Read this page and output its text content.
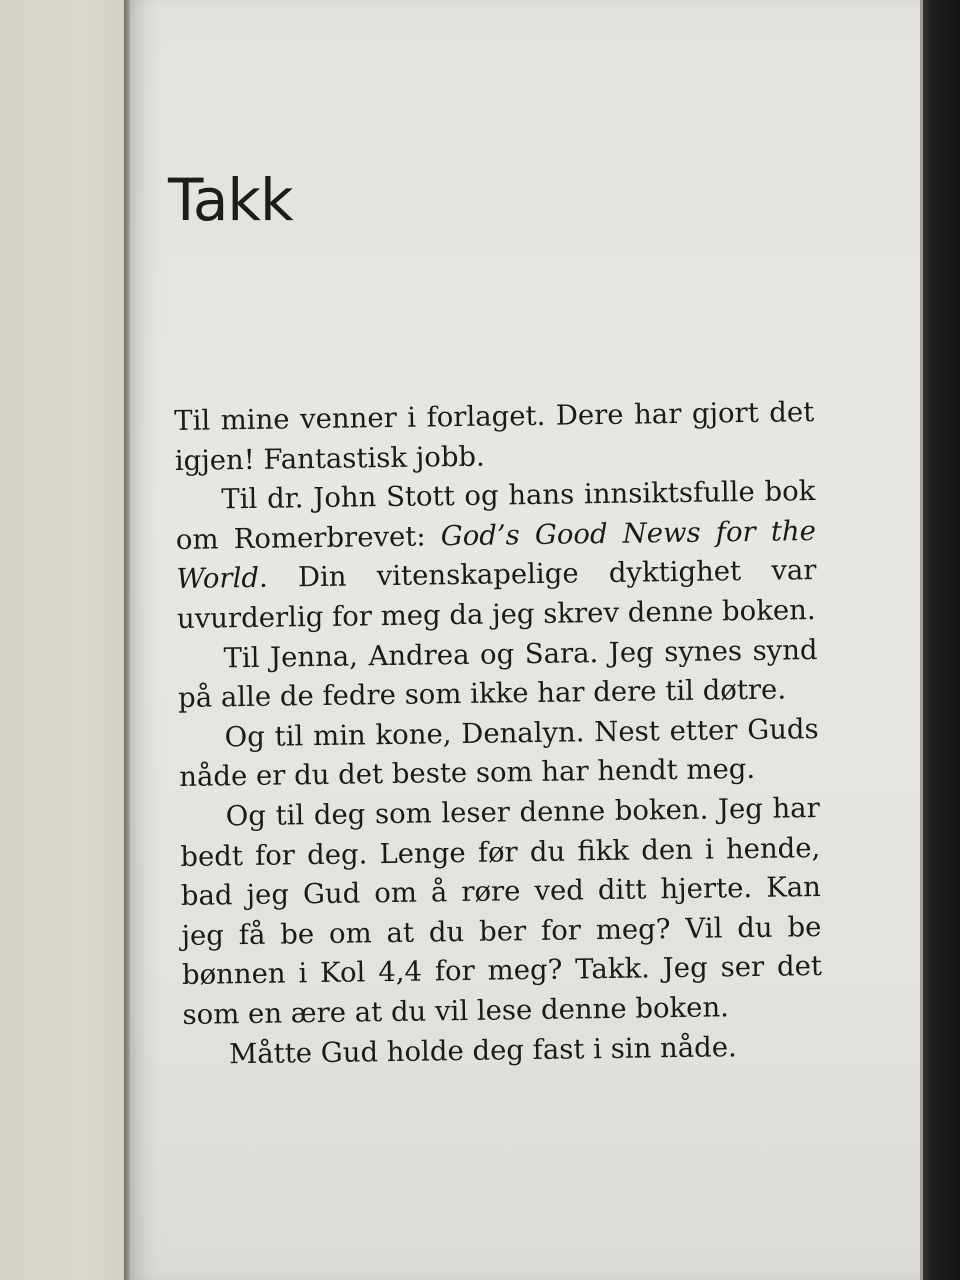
Takk

Til mine venner i forlaget. Dere har gjort det igjen! Fantastisk jobb.

Til dr. John Stott og hans innsiktsfulle bok om Romerbrevet: God’s Good News for the World. Din vitenskapelige dyktighet var uvurderlig for meg da jeg skrev denne boken.

Til Jenna, Andrea og Sara. Jeg synes synd på alle de fedre som ikke har dere til døtre.

Og til min kone, Denalyn. Nest etter Guds nåde er du det beste som har hendt meg.

Og til deg som leser denne boken. Jeg har bedt for deg. Lenge før du fikk den i hende, bad jeg Gud om å røre ved ditt hjerte. Kan jeg få be om at du ber for meg? Vil du be bønnen i Kol 4,4 for meg? Takk. Jeg ser det som en ære at du vil lese denne boken.

Måtte Gud holde deg fast i sin nåde.
